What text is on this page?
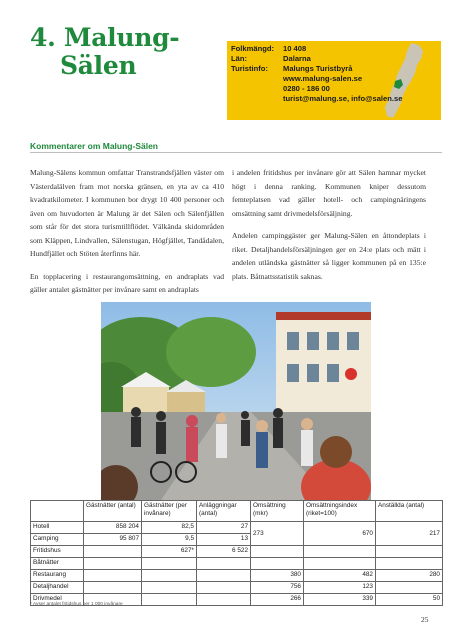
4. Malung-

Sälen
Folkmängd:	10 408
Län:	Dalarna
Turistinfo:	Malungs Turistbyrå
www.malung-salen.se
0280 - 186 00
turist@malung.se, info@salen.se
Kommentarer om Malung-Sälen

Malung-Sälens kommun omfattar Transtrandsfjällen väster om Västerdalälven fram mot norska gränsen, en yta av ca 410 kvadratkilometer. I kommunen bor drygt 10 400 personer och även om huvudorten är Malung är det Sälen och Sälenfjällen som står för det stora turismtillflödet. Välkända skidområden som Kläppen, Lindvallen, Sälenstugan, Högfjället, Tandådalen, Hundfjället och Stöten återfinns här.

En topplacering i restaurangomsättning, en andraplats vad gäller antalet gästnätter per invånare samt en andraplats

i andelen fritidshus per invånare gör att Sälen hamnar mycket högt i denna ranking. Kommunen kniper dessutom femteplatsen vad gäller hotell- och campingnäringens omsättning samt drivmedelsförsäljning.

Andelen campinggäster ger Malung-Sälen en åttondeplats i riket. Detaljhandelsförsäljningen ger en 24:e plats och mätt i andelen utländska gästnätter så ligger kommunen på en 135:e plats. Båtnattsstatistik saknas.

	Gästnätter (antal)	Gästnätter (per invånare)	Anläggningar (antal)	Omsättning (mkr)	Omsättningsindex (riket=100)	Anställda (antal)
Hotell	858 204	82,5	27	273	670	217
Camping	95 807	9,5	13			
Fritidshus		627*	6 522			
Båtnätter						
Restaurang				380	482	280
Detaljhandel				756	123	
Drivmedel				266	339	50
* Avser antalet fritidshus per 1 000 invånare
25
